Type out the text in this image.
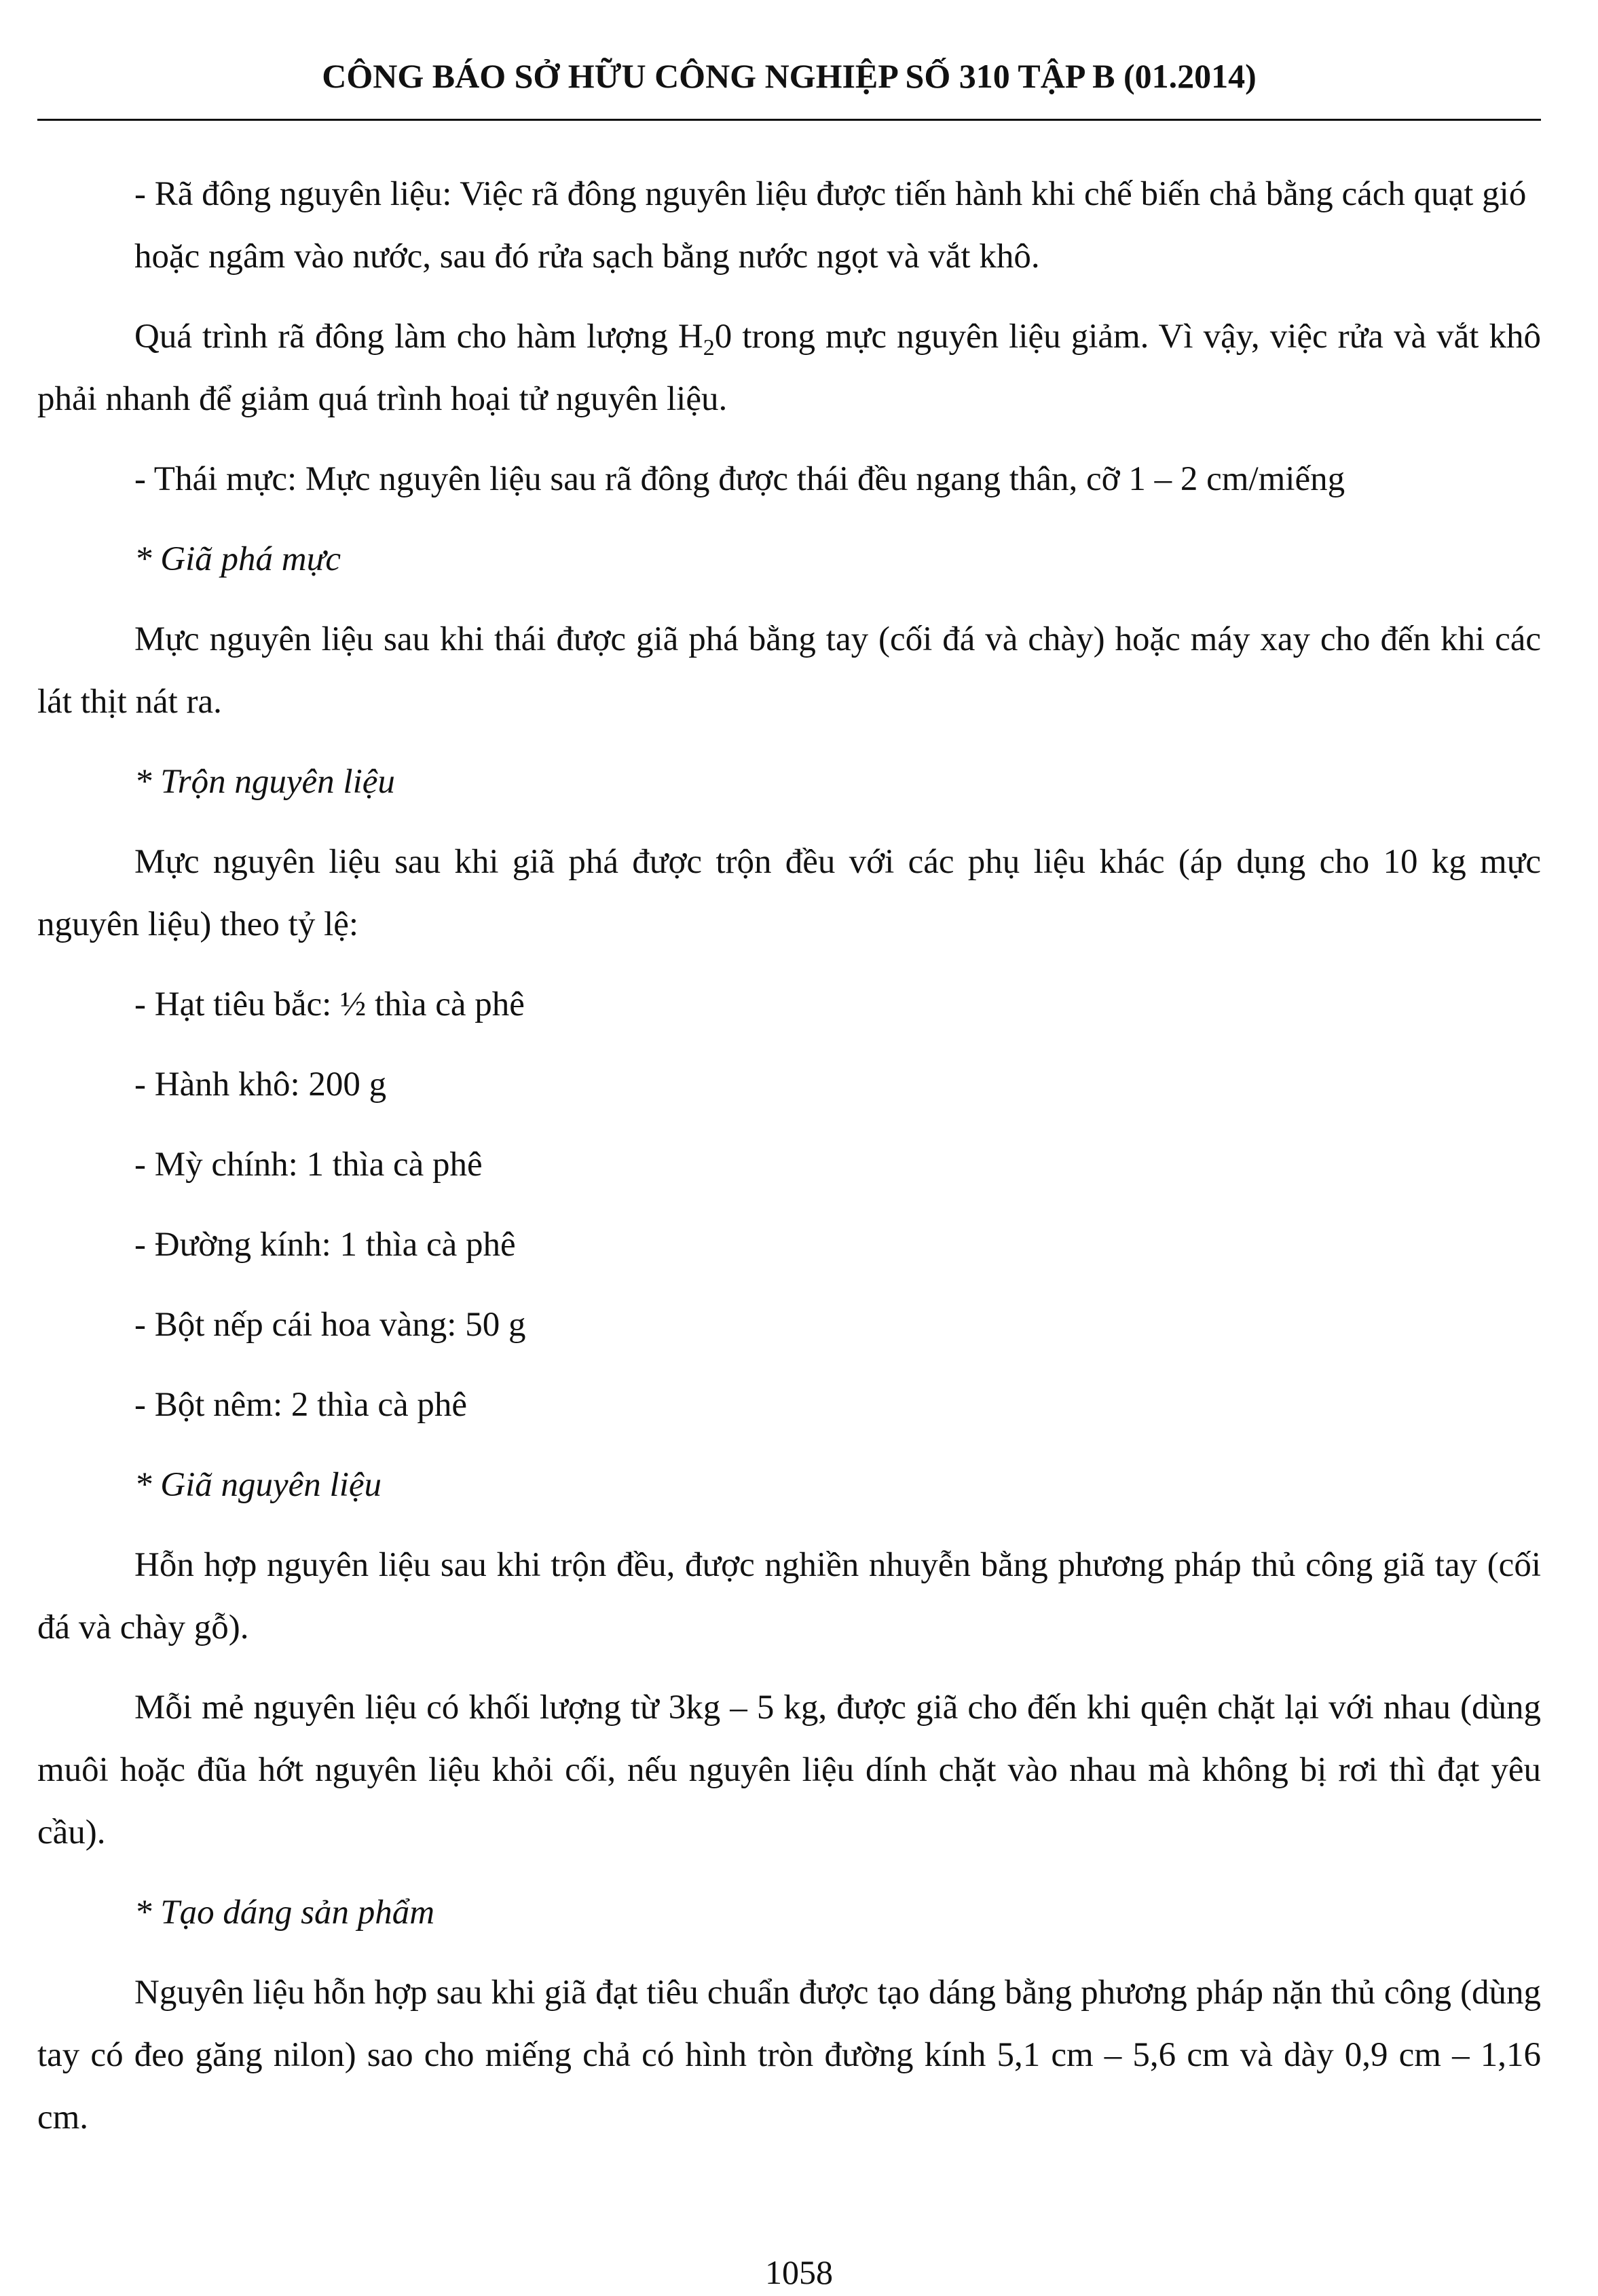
CÔNG BÁO SỞ HỮU CÔNG NGHIỆP SỐ 310 TẬP B (01.2014)

- Rã đông nguyên liệu: Việc rã đông nguyên liệu được tiến hành khi chế biến chả bằng cách quạt gió hoặc ngâm vào nước, sau đó rửa sạch bằng nước ngọt và vắt khô.

Quá trình rã đông làm cho hàm lượng $H_20$ trong mực nguyên liệu giảm. Vì vậy, việc rửa và vắt khô phải nhanh để giảm quá trình hoại tử nguyên liệu.

- Thái mực: Mực nguyên liệu sau rã đông được thái đều ngang thân, cỡ 1 – 2 cm/miếng

* Giã phá mực

Mực nguyên liệu sau khi thái được giã phá bằng tay (cối đá và chày) hoặc máy xay cho đến khi các lát thịt nát ra.

* Trộn nguyên liệu

Mực nguyên liệu sau khi giã phá được trộn đều với các phụ liệu khác (áp dụng cho 10 kg mực nguyên liệu) theo tỷ lệ:

- Hạt tiêu bắc: ½ thìa cà phê

- Hành khô: 200 g

- Mỳ chính: 1 thìa cà phê

- Đường kính: 1 thìa cà phê

- Bột nếp cái hoa vàng: 50 g

- Bột nêm: 2 thìa cà phê

* Giã nguyên liệu

Hỗn hợp nguyên liệu sau khi trộn đều, được nghiền nhuyễn bằng phương pháp thủ công giã tay (cối đá và chày gỗ).

Mỗi mẻ nguyên liệu có khối lượng từ 3kg – 5 kg, được giã cho đến khi quện chặt lại với nhau (dùng muôi hoặc đũa hớt nguyên liệu khỏi cối, nếu nguyên liệu dính chặt vào nhau mà không bị rơi thì đạt yêu cầu).

* Tạo dáng sản phẩm

Nguyên liệu hỗn hợp sau khi giã đạt tiêu chuẩn được tạo dáng bằng phương pháp nặn thủ công (dùng tay có đeo găng nilon) sao cho miếng chả có hình tròn đường kính 5,1 cm – 5,6 cm và dày 0,9 cm – 1,16 cm.

1058
